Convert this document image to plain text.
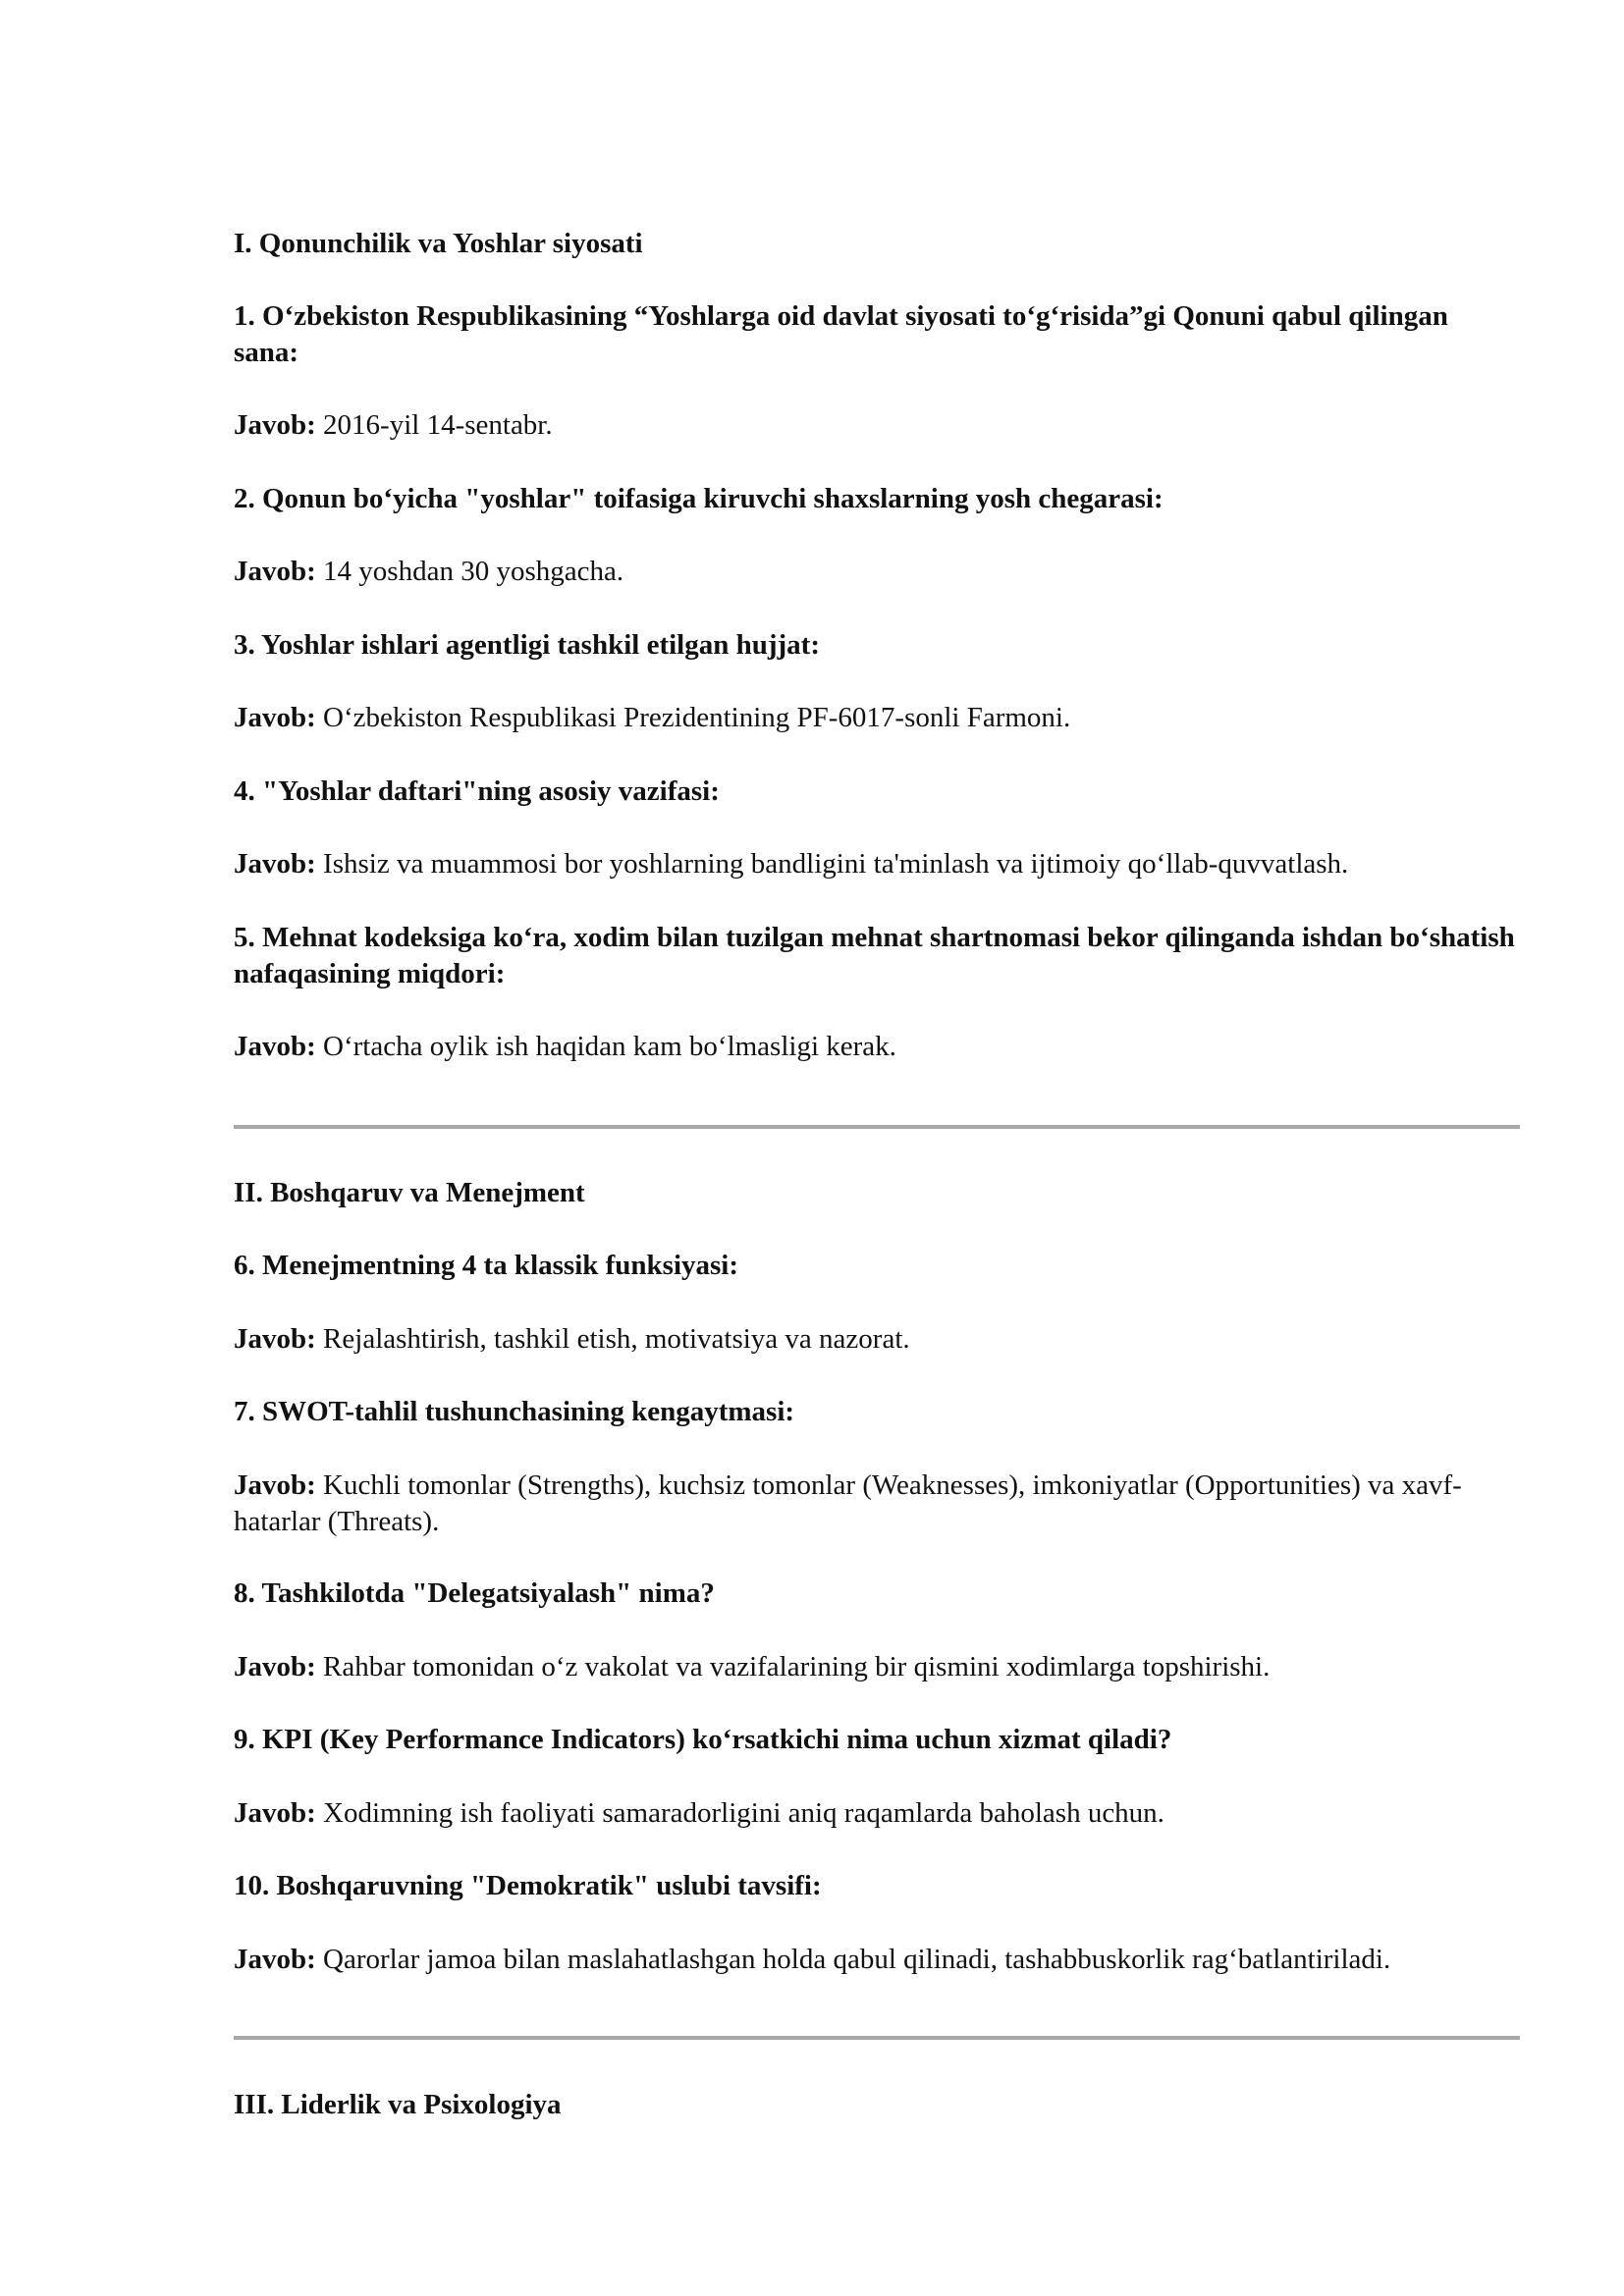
I. Qonunchilik va Yoshlar siyosati

1. O‘zbekiston Respublikasining “Yoshlarga oid davlat siyosati to‘g‘risida”gi Qonuni qabul qilingan sana:

Javob: 2016-yil 14-sentabr.

2. Qonun bo‘yicha "yoshlar" toifasiga kiruvchi shaxslarning yosh chegarasi:

Javob: 14 yoshdan 30 yoshgacha.

3. Yoshlar ishlari agentligi tashkil etilgan hujjat:

Javob: O‘zbekiston Respublikasi Prezidentining PF-6017-sonli Farmoni.

4. "Yoshlar daftari"ning asosiy vazifasi:

Javob: Ishsiz va muammosi bor yoshlarning bandligini ta'minlash va ijtimoiy qo‘llab-quvvatlash.

5. Mehnat kodeksiga ko‘ra, xodim bilan tuzilgan mehnat shartnomasi bekor qilinganda ishdan bo‘shatish nafaqasining miqdori:

Javob: O‘rtacha oylik ish haqidan kam bo‘lmasligi kerak.

II. Boshqaruv va Menejment

6. Menejmentning 4 ta klassik funksiyasi:

Javob: Rejalashtirish, tashkil etish, motivatsiya va nazorat.

7. SWOT-tahlil tushunchasining kengaytmasi:

Javob: Kuchli tomonlar (Strengths), kuchsiz tomonlar (Weaknesses), imkoniyatlar (Opportunities) va xavf-hatarlar (Threats).

8. Tashkilotda "Delegatsiyalash" nima?

Javob: Rahbar tomonidan o‘z vakolat va vazifalarining bir qismini xodimlarga topshirishi.

9. KPI (Key Performance Indicators) ko‘rsatkichi nima uchun xizmat qiladi?

Javob: Xodimning ish faoliyati samaradorligini aniq raqamlarda baholash uchun.

10. Boshqaruvning "Demokratik" uslubi tavsifi:

Javob: Qarorlar jamoa bilan maslahatlashgan holda qabul qilinadi, tashabbuskorlik rag‘batlantiriladi.

III. Liderlik va Psixologiya
